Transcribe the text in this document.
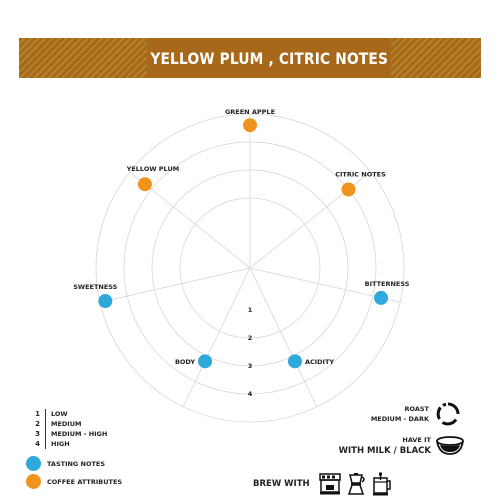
YELLOW PLUM , CITRIC NOTES
1
2
3
4
GREEN APPLE
CITRIC NOTES
BITTERNESS
ACIDITY
BODY
SWEETNESS
YELLOW PLUM
1	LOW
2	MEDIUM
3	MEDIUM - HIGH
4	HIGH
TASTING NOTES
COFFEE ATTRIBUTES
ROAST
MEDIUM - DARK
HAVE IT
WITH MILK / BLACK
BREW WITH
